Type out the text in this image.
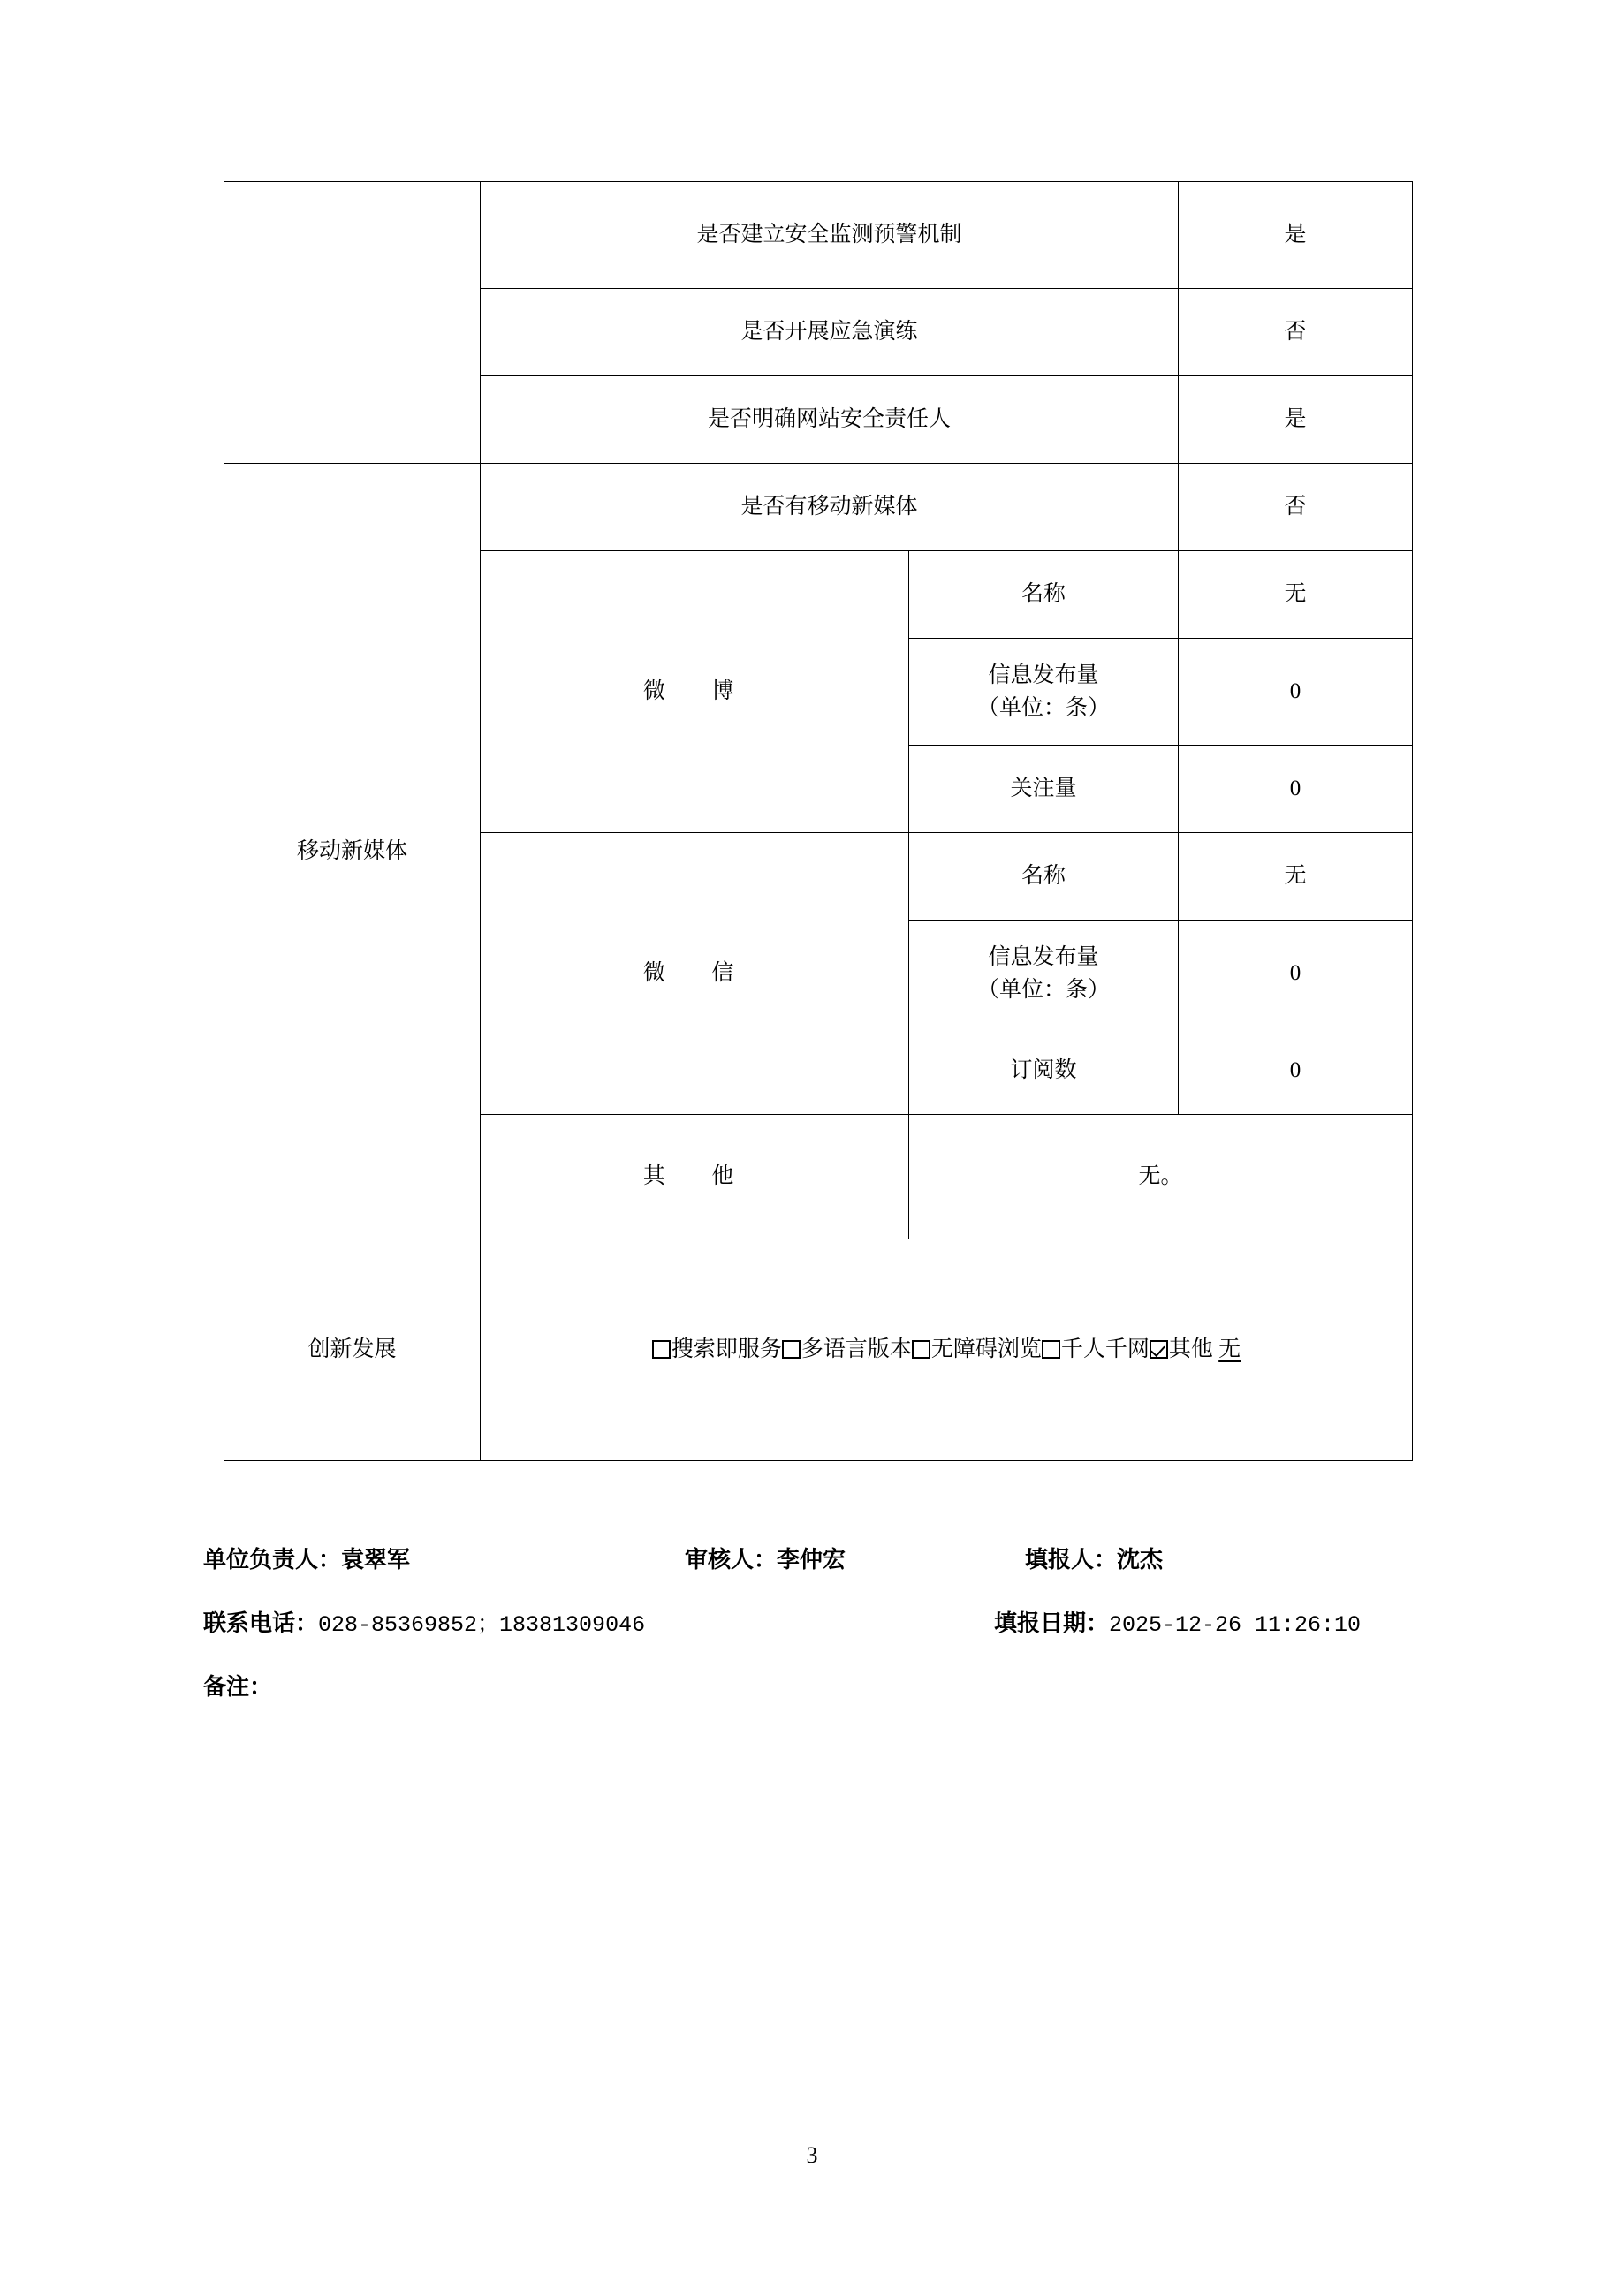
	是否建立安全监测预警机制		是
	是否开展应急演练		否
	是否明确网站安全责任人		是
移动新媒体	是否有移动新媒体		否
	微　博	名称	无

		信息发布量
（单位：条）	0
		关注量	0
	微　信	名称	无

		信息发布量
（单位：条）	0
		订阅数	0
	其　他	无。	
创新发展	搜索即服务 多语言版本 无障碍浏览 千人千网 其他 无		
单位负责人：袁翠军	审核人：李仲宏	填报人：沈杰
联系电话：028-85369852；18381309046	填报日期：2025-12-26 11:26:10
备注：
3
